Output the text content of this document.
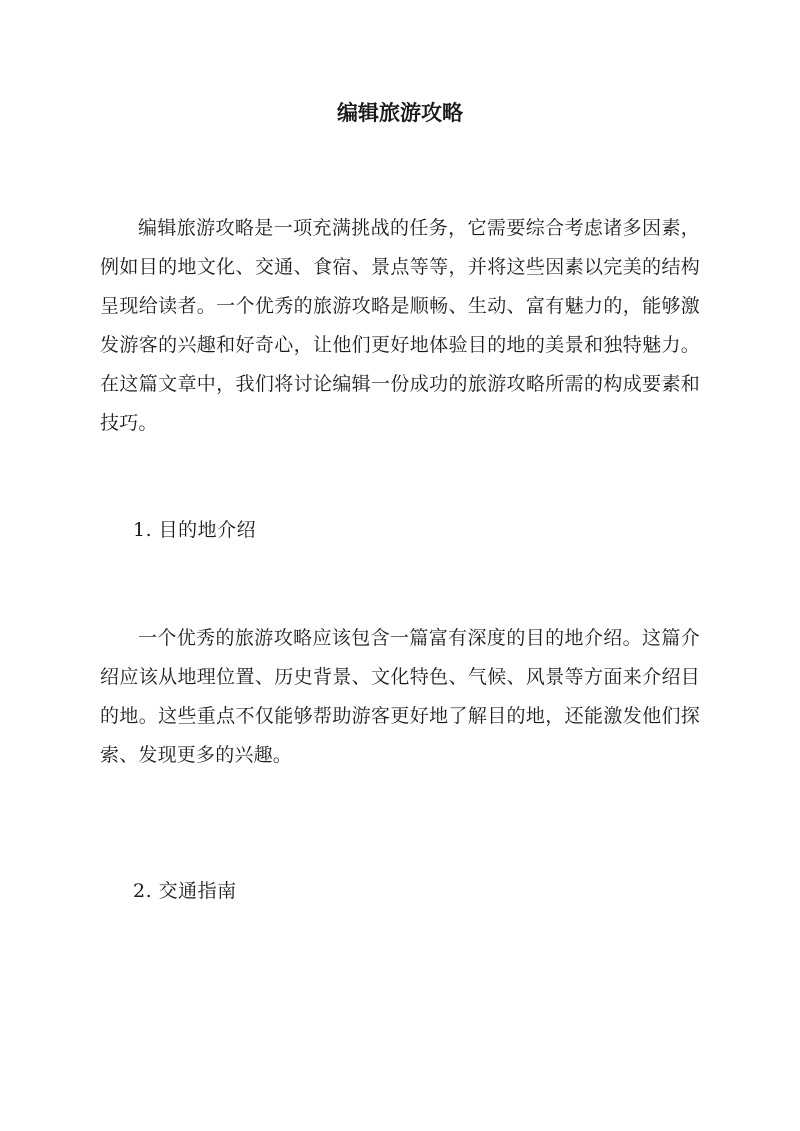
编辑旅游攻略

编辑旅游攻略是一项充满挑战的任务，它需要综合考虑诸多因素，例如目的地文化、交通、食宿、景点等等，并将这些因素以完美的结构呈现给读者。一个优秀的旅游攻略是顺畅、生动、富有魅力的，能够激发游客的兴趣和好奇心，让他们更好地体验目的地的美景和独特魅力。在这篇文章中，我们将讨论编辑一份成功的旅游攻略所需的构成要素和技巧。

1. 目的地介绍

一个优秀的旅游攻略应该包含一篇富有深度的目的地介绍。这篇介绍应该从地理位置、历史背景、文化特色、气候、风景等方面来介绍目的地。这些重点不仅能够帮助游客更好地了解目的地，还能激发他们探索、发现更多的兴趣。

2. 交通指南
